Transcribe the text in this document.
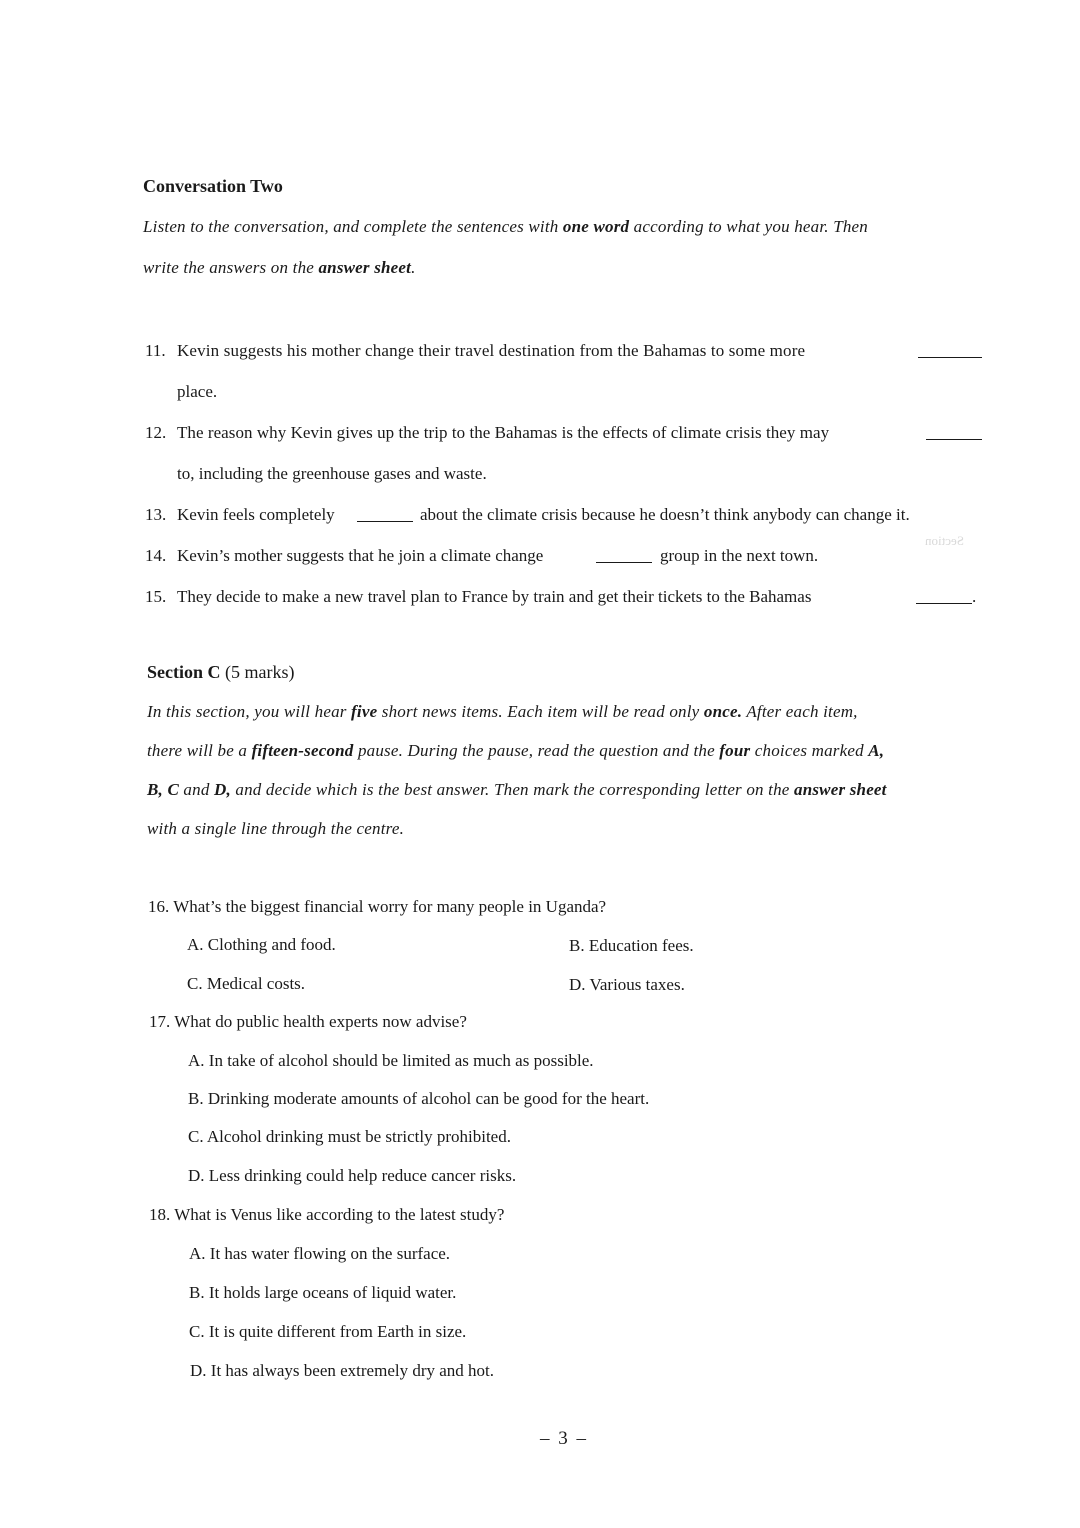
Conversation Two
Listen to the conversation, and complete the sentences with one word according to what you hear. Then
write the answers on the answer sheet.
11. Kevin suggests his mother change their travel destination from the Bahamas to some more
place.
12. The reason why Kevin gives up the trip to the Bahamas is the effects of climate crisis they may
to, including the greenhouse gases and waste.
13. Kevin feels completely	about the climate crisis because he doesn’t think anybody can change it.
Section
14. Kevin’s mother suggests that he join a climate change	group in the next town.
15. They decide to make a new travel plan to France by train and get their tickets to the Bahamas	.
Section C (5 marks)
In this section, you will hear five short news items. Each item will be read only once. After each item,
there will be a fifteen-second pause. During the pause, read the question and the four choices marked A,
B, C and D, and decide which is the best answer. Then mark the corresponding letter on the answer sheet
with a single line through the centre.
16. What’s the biggest financial worry for many people in Uganda?
A. Clothing and food.	B. Education fees.
C. Medical costs.	D. Various taxes.
17. What do public health experts now advise?
A. In take of alcohol should be limited as much as possible.
B. Drinking moderate amounts of alcohol can be good for the heart.
C. Alcohol drinking must be strictly prohibited.
D. Less drinking could help reduce cancer risks.
18. What is Venus like according to the latest study?
A. It has water flowing on the surface.
B. It holds large oceans of liquid water.
C. It is quite different from Earth in size.
D. It has always been extremely dry and hot.
– 3 –
